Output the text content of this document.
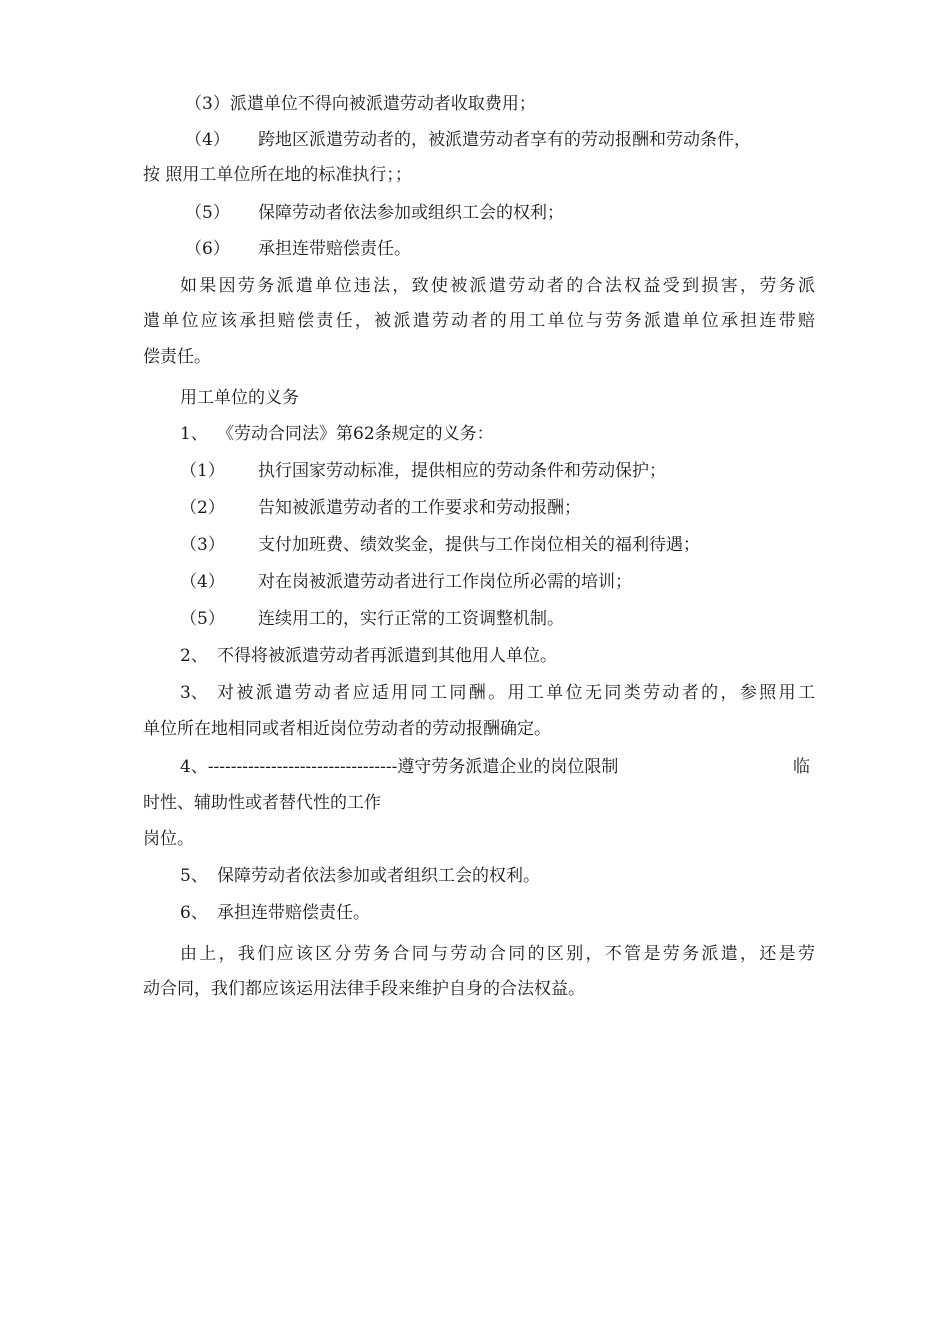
（3）派遣单位不得向被派遣劳动者收取费用；
（4） 跨地区派遣劳动者的，被派遣劳动者享有的劳动报酬和劳动条件，
按 照用工单位所在地的标准执行；；
（5） 保障劳动者依法参加或组织工会的权利；
（6） 承担连带赔偿责任。
如果因劳务派遣单位违法，致使被派遣劳动者的合法权益受到损害，劳务派
遣单位应该承担赔偿责任，被派遣劳动者的用工单位与劳务派遣单位承担连带赔
偿责任。
用工单位的义务
1、 《劳动合同法》第62条规定的义务：
（1） 执行国家劳动标准，提供相应的劳动条件和劳动保护；
（2） 告知被派遣劳动者的工作要求和劳动报酬；
（3） 支付加班费、绩效奖金，提供与工作岗位相关的福利待遇；
（4） 对在岗被派遣劳动者进行工作岗位所必需的培训；
（5） 连续用工的，实行正常的工资调整机制。
2、 不得将被派遣劳动者再派遣到其他用人单位。
3、 对被派遣劳动者应适用同工同酬。用工单位无同类劳动者的，参照用工
单位所在地相同或者相近岗位劳动者的劳动报酬确定。
4、---------------------------------遵守劳务派遣企业的岗位限制	临
时性、辅助性或者替代性的工作
岗位。
5、 保障劳动者依法参加或者组织工会的权利。
6、 承担连带赔偿责任。
由上，我们应该区分劳务合同与劳动合同的区别，不管是劳务派遣，还是劳
动合同，我们都应该运用法律手段来维护自身的合法权益。
